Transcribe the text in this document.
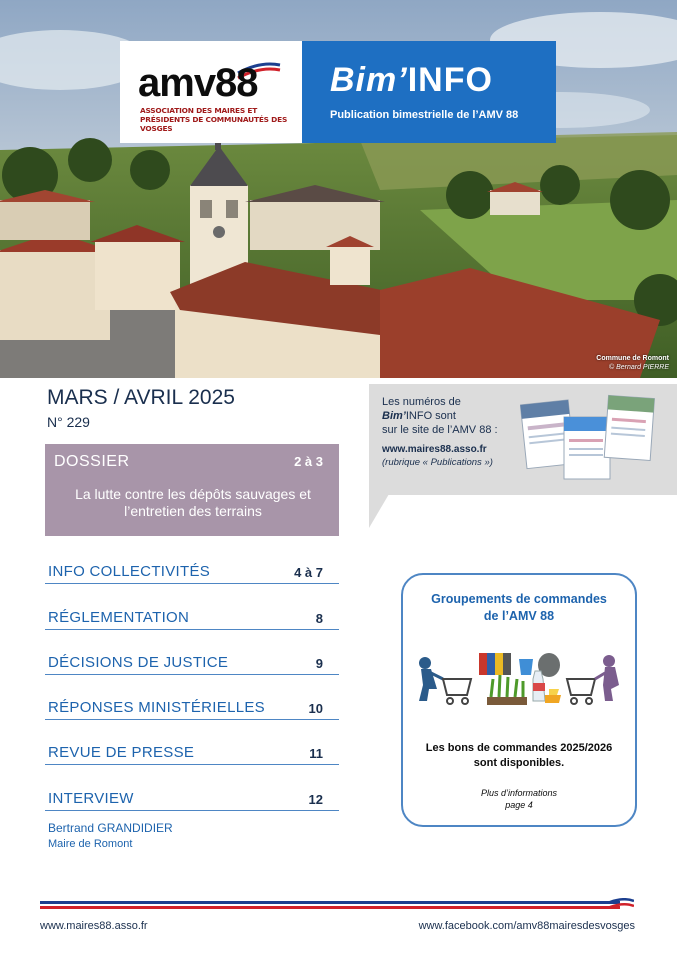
Commune de Romont
© Bernard PIERRE
amv88
ASSOCIATION DES MAIRES ET PRÉSIDENTS DE COMMUNAUTÉS DES VOSGES
Bim’INFO
Publication bimestrielle de l’AMV 88
MARS / AVRIL 2025
N° 229
DOSSIER	2 à 3
La lutte contre les dépôts sauvages et l’entretien des terrains
INFO COLLECTIVITÉS	4 à 7
RÉGLEMENTATION	8
DÉCISIONS DE JUSTICE	9
RÉPONSES MINISTÉRIELLES	10
REVUE DE PRESSE	11
INTERVIEW	12
Bertrand GRANDIDIER
Maire de Romont
Les numéros de
Bim’INFO sont
sur le site de l’AMV 88 :
www.maires88.asso.fr
(rubrique « Publications »)
Groupements de commandes
de l’AMV 88
Les bons de commandes 2025/2026
sont disponibles.
Plus d’informations
page 4
www.maires88.asso.fr	www.facebook.com/amv88mairesdesvosges
